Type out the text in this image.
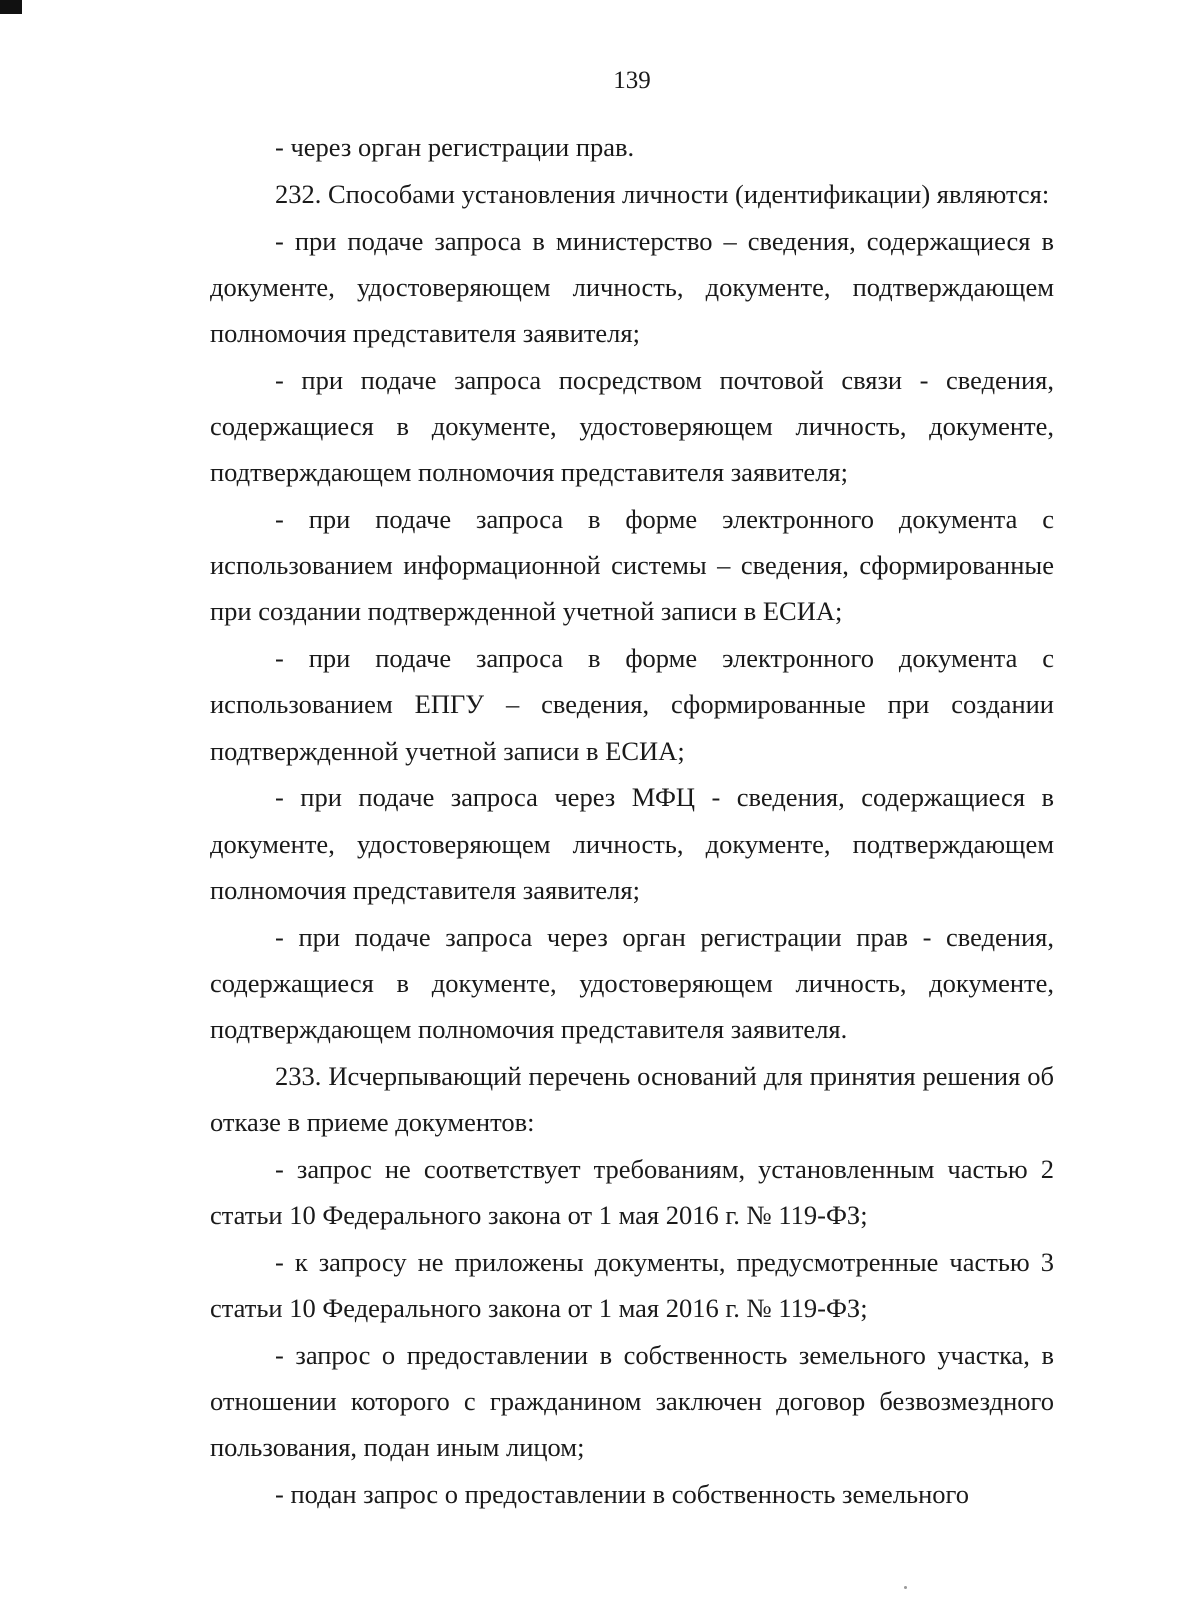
139

- через орган регистрации прав.

232. Способами установления личности (идентификации) являются:

- при подаче запроса в министерство – сведения, содержащиеся в документе, удостоверяющем личность, документе, подтверждающем полномочия представителя заявителя;

- при подаче запроса посредством почтовой связи - сведения, содержащиеся в документе, удостоверяющем личность, документе, подтверждающем полномочия представителя заявителя;

- при подаче запроса в форме электронного документа с использованием информационной системы – сведения, сформированные при создании подтвержденной учетной записи в ЕСИА;

- при подаче запроса в форме электронного документа с использованием ЕПГУ – сведения, сформированные при создании подтвержденной учетной записи в ЕСИА;

- при подаче запроса через МФЦ - сведения, содержащиеся в документе, удостоверяющем личность, документе, подтверждающем полномочия представителя заявителя;

- при подаче запроса через орган регистрации прав - сведения, содержащиеся в документе, удостоверяющем личность, документе, подтверждающем полномочия представителя заявителя.

233. Исчерпывающий перечень оснований для принятия решения об отказе в приеме документов:

- запрос не соответствует требованиям, установленным частью 2 статьи 10 Федерального закона от 1 мая 2016 г. № 119-ФЗ;

- к запросу не приложены документы, предусмотренные частью 3 статьи 10 Федерального закона от 1 мая 2016 г. № 119-ФЗ;

- запрос о предоставлении в собственность земельного участка, в отношении которого с гражданином заключен договор безвозмездного пользования, подан иным лицом;

- подан запрос о предоставлении в собственность земельного
